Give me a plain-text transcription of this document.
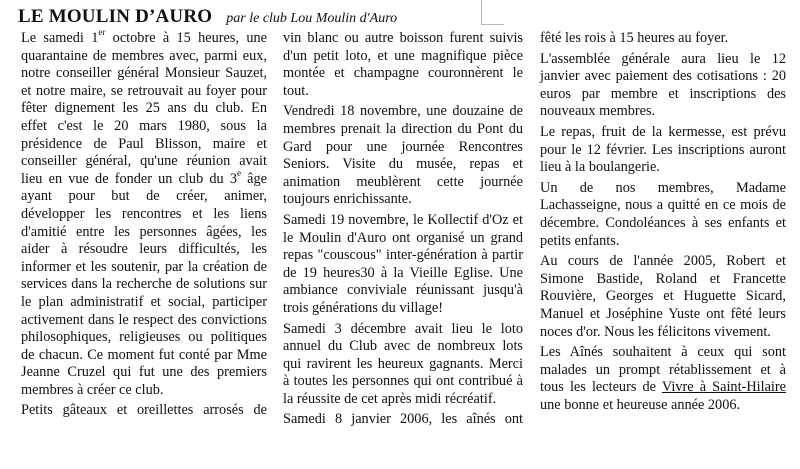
LE MOULIN D’AURO par le club Lou Moulin d'Auro

Le samedi 1er octobre à 15 heures, une quarantaine de membres avec, parmi eux, notre conseiller général Monsieur Sauzet, et notre maire, se retrouvait au foyer pour fêter dignement les 25 ans du club. En effet c'est le 20 mars 1980, sous la présidence de Paul Blisson, maire et conseiller général, qu'une réunion avait lieu en vue de fonder un club du 3e âge ayant pour but de créer, animer, développer les rencontres et les liens d'amitié entre les personnes âgées, les aider à résoudre leurs difficultés, les informer et les soutenir, par la création de services dans la recherche de solutions sur le plan administratif et social, participer activement dans le respect des convictions philosophiques, religieuses ou politiques de chacun. Ce moment fut conté par Mme Jeanne Cruzel qui fut une des premiers membres à créer ce club.

Petits gâteaux et oreillettes arrosés de

vin blanc ou autre boisson furent suivis d'un petit loto, et une magnifique pièce montée et champagne couronnèrent le tout.

Vendredi 18 novembre, une douzaine de membres prenait la direction du Pont du Gard pour une journée Rencontres Seniors. Visite du musée, repas et animation meublèrent cette journée toujours enrichissante.

Samedi 19 novembre, le Kollectif d'Oz et le Moulin d'Auro ont organisé un grand repas "couscous" inter-génération à partir de 19 heures30 à la Vieille Eglise. Une ambiance conviviale réunissant jusqu'à trois générations du village!

Samedi 3 décembre avait lieu le loto annuel du Club avec de nombreux lots qui ravirent les heureux gagnants. Merci à toutes les personnes qui ont contribué à la réussite de cet après midi récréatif.

Samedi 8 janvier 2006, les aînés ont

fêté les rois à 15 heures au foyer.

L'assemblée générale aura lieu le 12 janvier avec paiement des cotisations : 20 euros par membre et inscriptions des nouveaux membres.

Le repas, fruit de la kermesse, est prévu pour le 12 février. Les inscriptions auront lieu à la boulangerie.

Un de nos membres, Madame Lachasseigne, nous a quitté en ce mois de décembre. Condoléances à ses enfants et petits enfants.

Au cours de l'année 2005, Robert et Simone Bastide, Roland et Francette Rouvière, Georges et Huguette Sicard, Manuel et Joséphine Yuste ont fêté leurs noces d'or. Nous les félicitons vivement.

Les Aînés souhaitent à ceux qui sont malades un prompt rétablissement et à tous les lecteurs de Vivre à Saint-Hilaire une bonne et heureuse année 2006.
